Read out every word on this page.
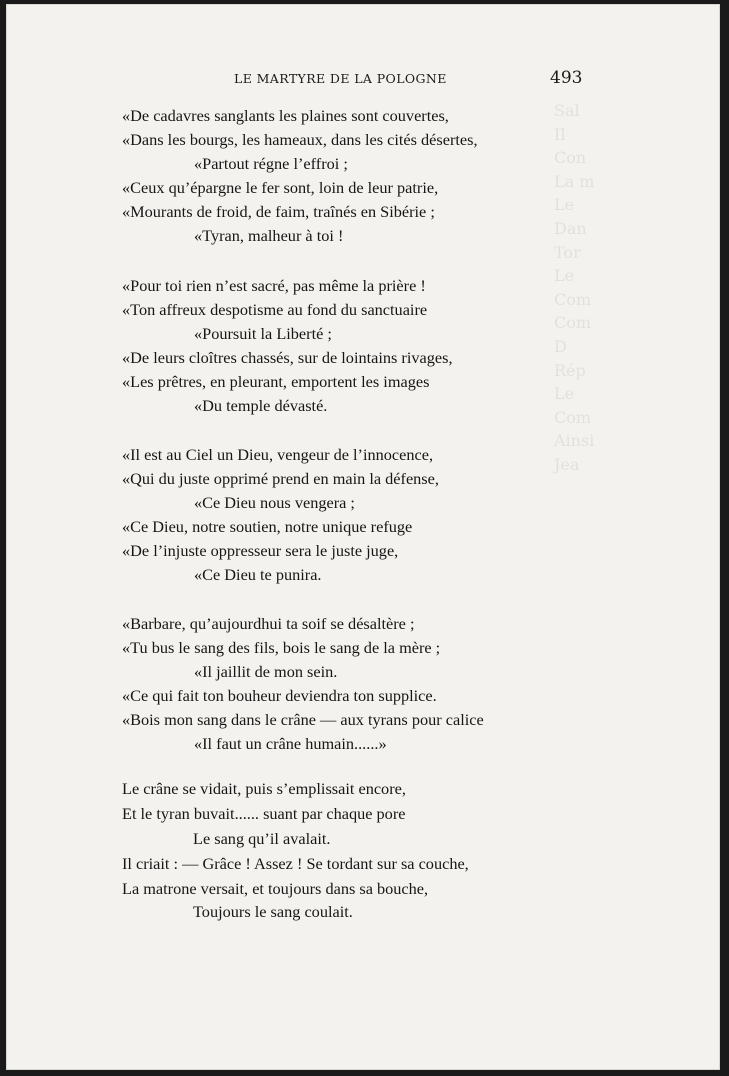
Sal
Il
Con
La m
Le
Dan
Tor
Le
Com
Com
D
Rép
Le
Com
Ainsi
Jea
LE MARTYRE DE LA POLOGNE	493
«De cadavres sanglants les plaines sont couvertes,
«Dans les bourgs, les hameaux, dans les cités désertes,
«Partout régne l’effroi ;
«Ceux qu’épargne le fer sont, loin de leur patrie,
«Mourants de froid, de faim, traînés en Sibérie ;
«Tyran, malheur à toi !
«Pour toi rien n’est sacré, pas même la prière !
«Ton affreux despotisme au fond du sanctuaire
«Poursuit la Liberté ;
«De leurs cloîtres chassés, sur de lointains rivages,
«Les prêtres, en pleurant, emportent les images
«Du temple dévasté.
«Il est au Ciel un Dieu, vengeur de l’innocence,
«Qui du juste opprimé prend en main la défense,
«Ce Dieu nous vengera ;
«Ce Dieu, notre soutien, notre unique refuge
«De l’injuste oppresseur sera le juste juge,
«Ce Dieu te punira.
«Barbare, qu’aujourdhui ta soif se désaltère ;
«Tu bus le sang des fils, bois le sang de la mère ;
«Il jaillit de mon sein.
«Ce qui fait ton bouheur deviendra ton supplice.
«Bois mon sang dans le crâne — aux tyrans pour calice
«Il faut un crâne humain......»
Le crâne se vidait, puis s’emplissait encore,
Et le tyran buvait...... suant par chaque pore
Le sang qu’il avalait.
Il criait : — Grâce ! Assez ! Se tordant sur sa couche,
La matrone versait, et toujours dans sa bouche,
Toujours le sang coulait.
